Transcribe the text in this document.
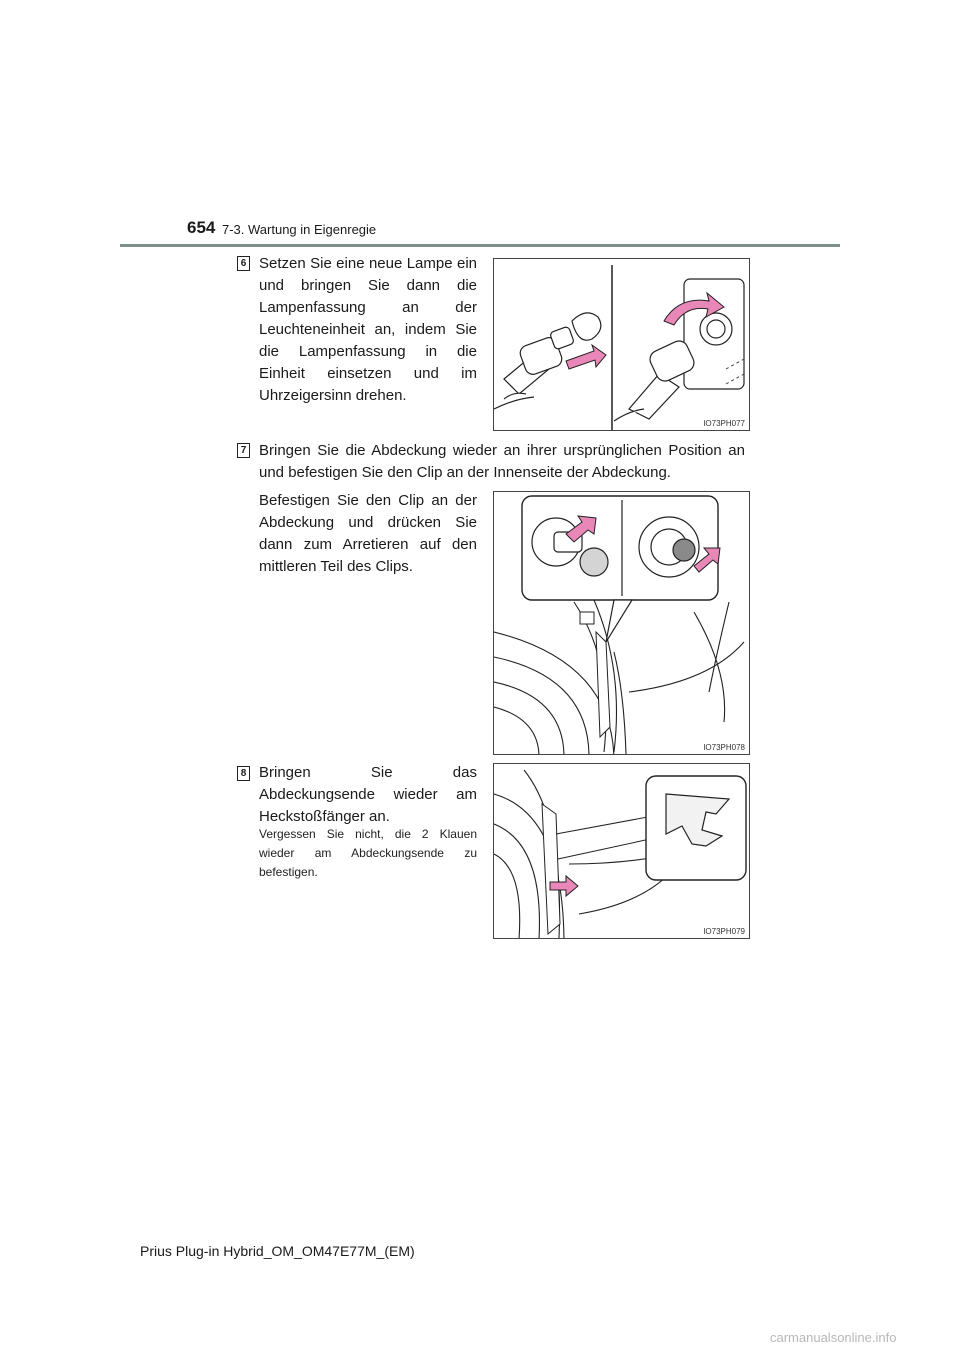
654 7-3. Wartung in Eigenregie
6 Setzen Sie eine neue Lampe ein und bringen Sie dann die Lampenfassung an der Leuchteneinheit an, indem Sie die Lampenfassung in die Einheit einsetzen und im Uhrzeigersinn drehen.
IO73PH077
7 Bringen Sie die Abdeckung wieder an ihrer ursprünglichen Position an und befestigen Sie den Clip an der Innenseite der Abdeckung.
Befestigen Sie den Clip an der Abdeckung und drücken Sie dann zum Arretieren auf den mittleren Teil des Clips.
IO73PH078
8 Bringen Sie das Abdeckungsende wieder am Heckstoßfänger an.
Vergessen Sie nicht, die 2 Klauen wieder am Abdeckungsende zu befestigen.
IO73PH079
Prius Plug-in Hybrid_OM_OM47E77M_(EM)
carmanualsonline.info
